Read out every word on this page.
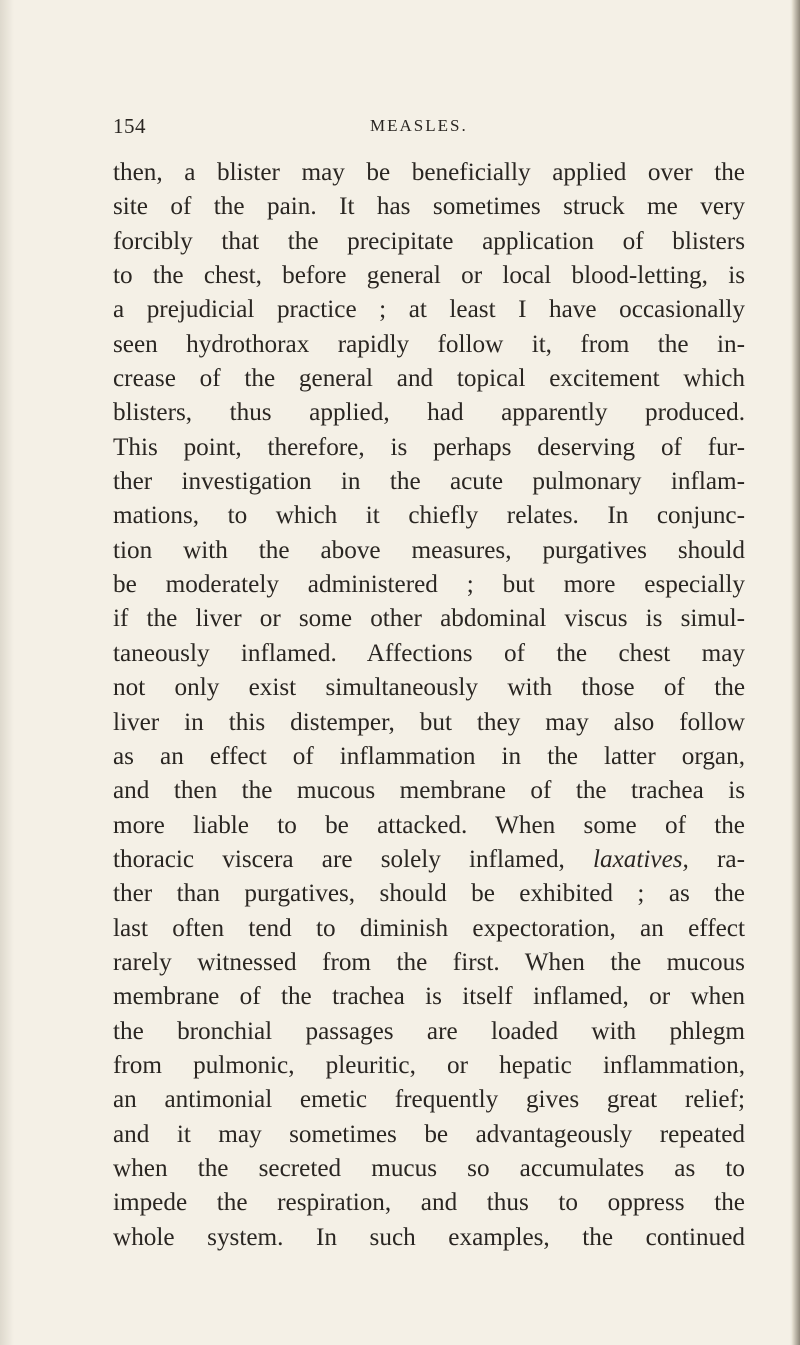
154	MEASLES.
then, a blister may be beneficially applied over the
site of the pain. It has sometimes struck me very
forcibly that the precipitate application of blisters
to the chest, before general or local blood-letting, is
a prejudicial practice ; at least I have occasionally
seen hydrothorax rapidly follow it, from the in-
crease of the general and topical excitement which
blisters, thus applied, had apparently produced.
This point, therefore, is perhaps deserving of fur-
ther investigation in the acute pulmonary inflam-
mations, to which it chiefly relates. In conjunc-
tion with the above measures, purgatives should
be moderately administered ; but more especially
if the liver or some other abdominal viscus is simul-
taneously inflamed. Affections of the chest may
not only exist simultaneously with those of the
liver in this distemper, but they may also follow
as an effect of inflammation in the latter organ,
and then the mucous membrane of the trachea is
more liable to be attacked. When some of the
thoracic viscera are solely inflamed, laxatives, ra-
ther than purgatives, should be exhibited ; as the
last often tend to diminish expectoration, an effect
rarely witnessed from the first. When the mucous
membrane of the trachea is itself inflamed, or when
the bronchial passages are loaded with phlegm
from pulmonic, pleuritic, or hepatic inflammation,
an antimonial emetic frequently gives great relief;
and it may sometimes be advantageously repeated
when the secreted mucus so accumulates as to
impede the respiration, and thus to oppress the
whole system. In such examples, the continued
